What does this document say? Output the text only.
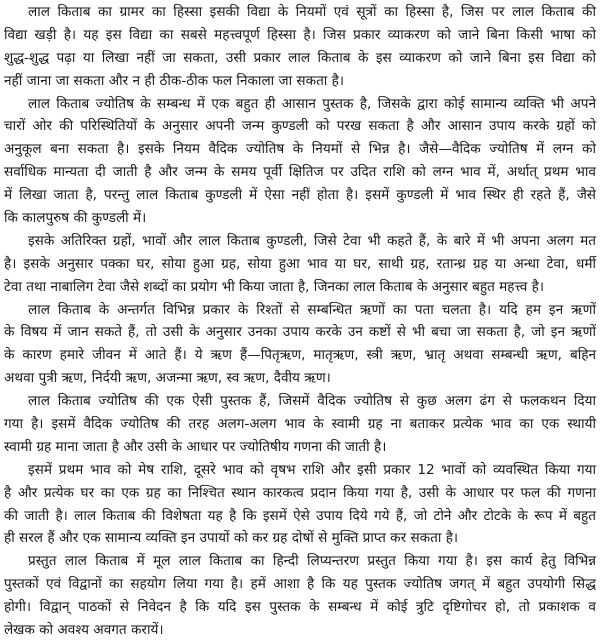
लाल किताब का ग्रामर का हिस्सा इसकी विद्या के नियमों एवं सूत्रों का हिस्सा है, जिस पर लाल किताब की
विद्या खड़ी है। यह इस विद्या का सबसे महत्त्वपूर्ण हिस्सा है। जिस प्रकार व्याकरण को जाने बिना किसी भाषा को
शुद्ध-शुद्ध पढ़ा या लिखा नहीं जा सकता, उसी प्रकार लाल किताब के इस व्याकरण को जाने बिना इस विद्या को
नहीं जाना जा सकता और न ही ठीक-ठीक फल निकाला जा सकता है।
लाल किताब ज्योतिष के सम्बन्ध में एक बहुत ही आसान पुस्तक है, जिसके द्वारा कोई सामान्य व्यक्ति भी अपने
चारों ओर की परिस्थितियों के अनुसार अपनी जन्म कुण्डली को परख सकता है और आसान उपाय करके ग्रहों को
अनुकूल बना सकता है। इसके नियम वैदिक ज्योतिष के नियमों से भिन्न है। जैसे—वैदिक ज्योतिष में लग्न को
सर्वाधिक मान्यता दी जाती है और जन्म के समय पूर्वी क्षितिज पर उदित राशि को लग्न भाव में, अर्थात् प्रथम भाव
में लिखा जाता है, परन्तु लाल किताब कुण्डली में ऐसा नहीं होता है। इसमें कुण्डली में भाव स्थिर ही रहते हैं, जैसे
कि कालपुरुष की कुण्डली में।
इसके अतिरिक्त ग्रहों, भावों और लाल किताब कुण्डली, जिसे टेवा भी कहते हैं, के बारे में भी अपना अलग मत
है। इसके अनुसार पक्का घर, सोया हुआ ग्रह, सोया हुआ भाव या घर, साथी ग्रह, रतान्ध्र ग्रह या अन्धा टेवा, धर्मी
टेवा तथा नाबालिग टेवा जैसे शब्दों का प्रयोग भी किया जाता है, जिनका लाल किताब के अनुसार बहुत महत्त्व है।
लाल किताब के अन्तर्गत विभिन्न प्रकार के रिश्तों से सम्बन्धित ऋणों का पता चलता है। यदि हम इन ऋणों
के विषय में जान सकते हैं, तो उसी के अनुसार उनका उपाय करके उन कष्टों से भी बचा जा सकता है, जो इन ऋणों
के कारण हमारे जीवन में आते हैं। ये ऋण हैं—पितृऋण, मातृऋण, स्त्री ऋण, भ्रातृ अथवा सम्बन्धी ऋण, बहिन
अथवा पुत्री ऋण, निर्दयी ऋण, अजन्मा ऋण, स्व ऋण, दैवीय ऋण।
लाल किताब ज्योतिष की एक ऐसी पुस्तक हैं, जिसमें वैदिक ज्योतिष से कुछ अलग ढंग से फलकथन दिया
गया है। इसमें वैदिक ज्योतिष की तरह अलग-अलग भाव के स्वामी ग्रह ना बताकर प्रत्येक भाव का एक स्थायी
स्वामी ग्रह माना जाता है और उसी के आधार पर ज्योतिषीय गणना की जाती है।
इसमें प्रथम भाव को मेष राशि, दूसरे भाव को वृषभ राशि और इसी प्रकार 12 भावों को व्यवस्थित किया गया
है और प्रत्येक घर का एक ग्रह का निश्चित स्थान कारकत्व प्रदान किया गया है, उसी के आधार पर फल की गणना
की जाती है। लाल किताब की विशेषता यह है कि इसमें ऐसे उपाय दिये गये हैं, जो टोने और टोटके के रूप में बहुत
ही सरल हैं और एक सामान्य व्यक्ति इन उपायों को कर ग्रह दोषों से मुक्ति प्राप्त कर सकता है।
प्रस्तुत लाल किताब में मूल लाल किताब का हिन्दी लिप्यन्तरण प्रस्तुत किया गया है। इस कार्य हेतु विभिन्न
पुस्तकों एवं विद्वानों का सहयोग लिया गया है। हमें आशा है कि यह पुस्तक ज्योतिष जगत् में बहुत उपयोगी सिद्ध
होगी। विद्वान् पाठकों से निवेदन है कि यदि इस पुस्तक के सम्बन्ध में कोई त्रुटि दृष्टिगोचर हो, तो प्रकाशक व
लेखक को अवश्य अवगत करायें।
